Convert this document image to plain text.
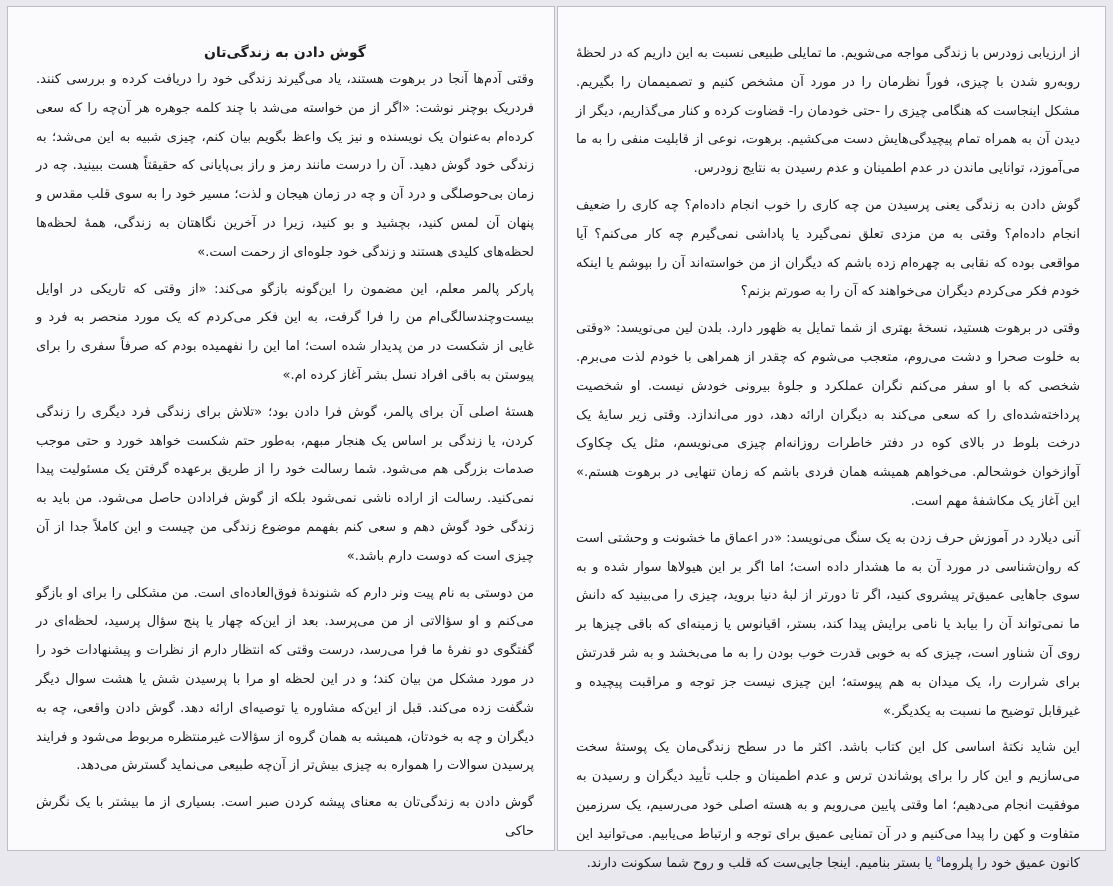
گوش دادن به زندگی‌تان

وقتی آدم‌ها آنجا در برهوت هستند، یاد می‌گیرند زندگی خود را دریافت کرده و بررسی کنند. فردریک بوچنر نوشت: «اگر از من خواسته می‌شد با چند کلمه جوهره هر آن‌چه را که سعی کرده‌ام به‌عنوان یک نویسنده و نیز یک واعظ بگویم بیان کنم، چیزی شبیه به این می‌شد؛ به زندگی خود گوش دهید. آن را درست مانند رمز و راز بی‌پایانی که حقیقتاً هست ببینید. چه در زمان بی‌حوصلگی و درد آن و چه در زمان هیجان و لذت؛ مسیر خود را به سوی قلب مقدس و پنهان آن لمس کنید، بچشید و بو کنید، زیرا در آخرین نگاهتان به زندگی، همهٔ لحظه‌ها لحظه‌های کلیدی هستند و زندگی خود جلوه‌ای از رحمت است.»

پارکر پالمر معلم، این مضمون را این‌گونه بازگو می‌کند: «از وقتی که تاریکی در اوایل بیست‌وچندسالگی‌ام من را فرا گرفت، به این فکر می‌کردم که یک مورد منحصر به فرد و غایی از شکست در من پدیدار شده است؛ اما این را نفهمیده بودم که صرفاً سفری را برای پیوستن به باقی افراد نسل بشر آغاز کرده ام.»

هستهٔ اصلی آن برای پالمر، گوش فرا دادن بود؛ «تلاش برای زندگی فرد دیگری را زندگی کردن، یا زندگی بر اساس یک هنجار مبهم، به‌طور حتم شکست خواهد خورد و حتی موجب صدمات بزرگی هم می‌شود. شما رسالت خود را از طریق برعهده گرفتن یک مسئولیت پیدا نمی‌کنید. رسالت از اراده ناشی نمی‌شود بلکه از گوش فرادادن حاصل می‌شود. من باید به زندگی خود گوش دهم و سعی کنم بفهمم موضوع زندگی من چیست و این کاملاً جدا از آن چیزی است که دوست دارم باشد.»

من دوستی به نام پیت ونر دارم که شنوندهٔ فوق‌العاده‌ای است. من مشکلی را برای او بازگو می‌کنم و او سؤالاتی از من می‌پرسد. بعد از این‌که چهار یا پنج سؤال پرسید، لحظه‌ای در گفتگوی دو نفرهٔ ما فرا می‌رسد، درست وقتی که انتظار دارم از نظرات و پیشنهادات خود را در مورد مشکل من بیان کند؛ و در این لحظه او مرا با پرسیدن شش یا هشت سوال دیگر شگفت زده می‌کند. قبل از این‌که مشاوره یا توصیه‌ای ارائه دهد. گوش دادن واقعی، چه به دیگران و چه به خودتان، همیشه به همان گروه از سؤالات غیرمنتظره مربوط می‌شود و فرایند پرسیدن سوالات را همواره به چیزی بیش‌تر از آن‌چه طبیعی می‌نماید گسترش می‌دهد.

گوش دادن به زندگی‌تان به معنای پیشه کردن صبر است. بسیاری از ما بیشتر با یک نگرش حاکی

از ارزیابی زودرس با زندگی مواجه می‌شویم. ما تمایلی طبیعی نسبت به این داریم که در لحظهٔ روبه‌رو شدن با چیزی، فوراً نظرمان را در مورد آن مشخص کنیم و تصمیممان را بگیریم. مشکل اینجاست که هنگامی چیزی را -حتی خودمان را- قضاوت کرده و کنار می‌گذاریم، دیگر از دیدن آن به همراه تمام پیچیدگی‌هایش دست می‌کشیم. برهوت، نوعی از قابلیت منفی را به ما می‌آموزد، توانایی ماندن در عدم اطمینان و عدم رسیدن به نتایج زودرس.

گوش دادن به زندگی یعنی پرسیدن من چه کاری را خوب انجام داده‌ام؟ چه کاری را ضعیف انجام داده‌ام؟ وقتی به من مزدی تعلق نمی‌گیرد یا پاداشی نمی‌گیرم چه کار می‌کنم؟ آیا مواقعی بوده که نقابی به چهره‌ام زده باشم که دیگران از من خواسته‌اند آن را بپوشم یا اینکه خودم فکر می‌کردم دیگران می‌خواهند که آن را به صورتم بزنم؟

وقتی در برهوت هستید، نسخهٔ بهتری از شما تمایل به ظهور دارد. بلدن لین می‌نویسد: «وقتی به خلوت صحرا و دشت می‌روم، متعجب می‌شوم که چقدر از همراهی با خودم لذت می‌برم. شخصی که با او سفر می‌کنم نگران عملکرد و جلوهٔ بیرونی خودش نیست. او شخصیت پرداخته‌شده‌ای را که سعی می‌کند به دیگران ارائه دهد، دور می‌اندازد. وقتی زیر سایهٔ یک درخت بلوط در بالای کوه در دفتر خاطرات روزانه‌ام چیزی می‌نویسم، مثل یک چکاوک آوازخوان خوشحالم. می‌خواهم همیشه همان فردی باشم که زمان تنهایی در برهوت هستم.» این آغاز یک مکاشفهٔ مهم است.

آنی دیلارد در آموزش حرف زدن به یک سنگ می‌نویسد: «در اعماق ما خشونت و وحشتی است که روان‌شناسی در مورد آن به ما هشدار داده است؛ اما اگر بر این هیولاها سوار شده و به سوی جاهایی عمیق‌تر پیشروی کنید، اگر تا دورتر از لبهٔ دنیا بروید، چیزی را می‌بینید که دانش ما نمی‌تواند آن را بیابد یا نامی برایش پیدا کند، بستر، اقیانوس یا زمینه‌ای که باقی چیزها بر روی آن شناور است، چیزی که به خوبی قدرت خوب بودن را به ما می‌بخشد و به شر قدرتش برای شرارت را، یک میدان به هم پیوسته؛ این چیزی نیست جز توجه و مراقبت پیچیده و غیرقابل توضیح ما نسبت به یکدیگر.»

این شاید نکتهٔ اساسی کل این کتاب باشد. اکثر ما در سطح زندگی‌مان یک پوستهٔ سخت می‌سازیم و این کار را برای پوشاندن ترس و عدم اطمینان و جلب تأیید دیگران و رسیدن به موفقیت انجام می‌دهیم؛ اما وقتی پایین می‌رویم و به هسته اصلی خود می‌رسیم، یک سرزمین متفاوت و کهن را پیدا می‌کنیم و در آن تمنایی عمیق برای توجه و ارتباط می‌یابیم. می‌توانید این کانون عمیق خود را پلروما$^۵$ یا بستر بنامیم. اینجا جایی‌ست که قلب و روح شما سکونت دارند.
